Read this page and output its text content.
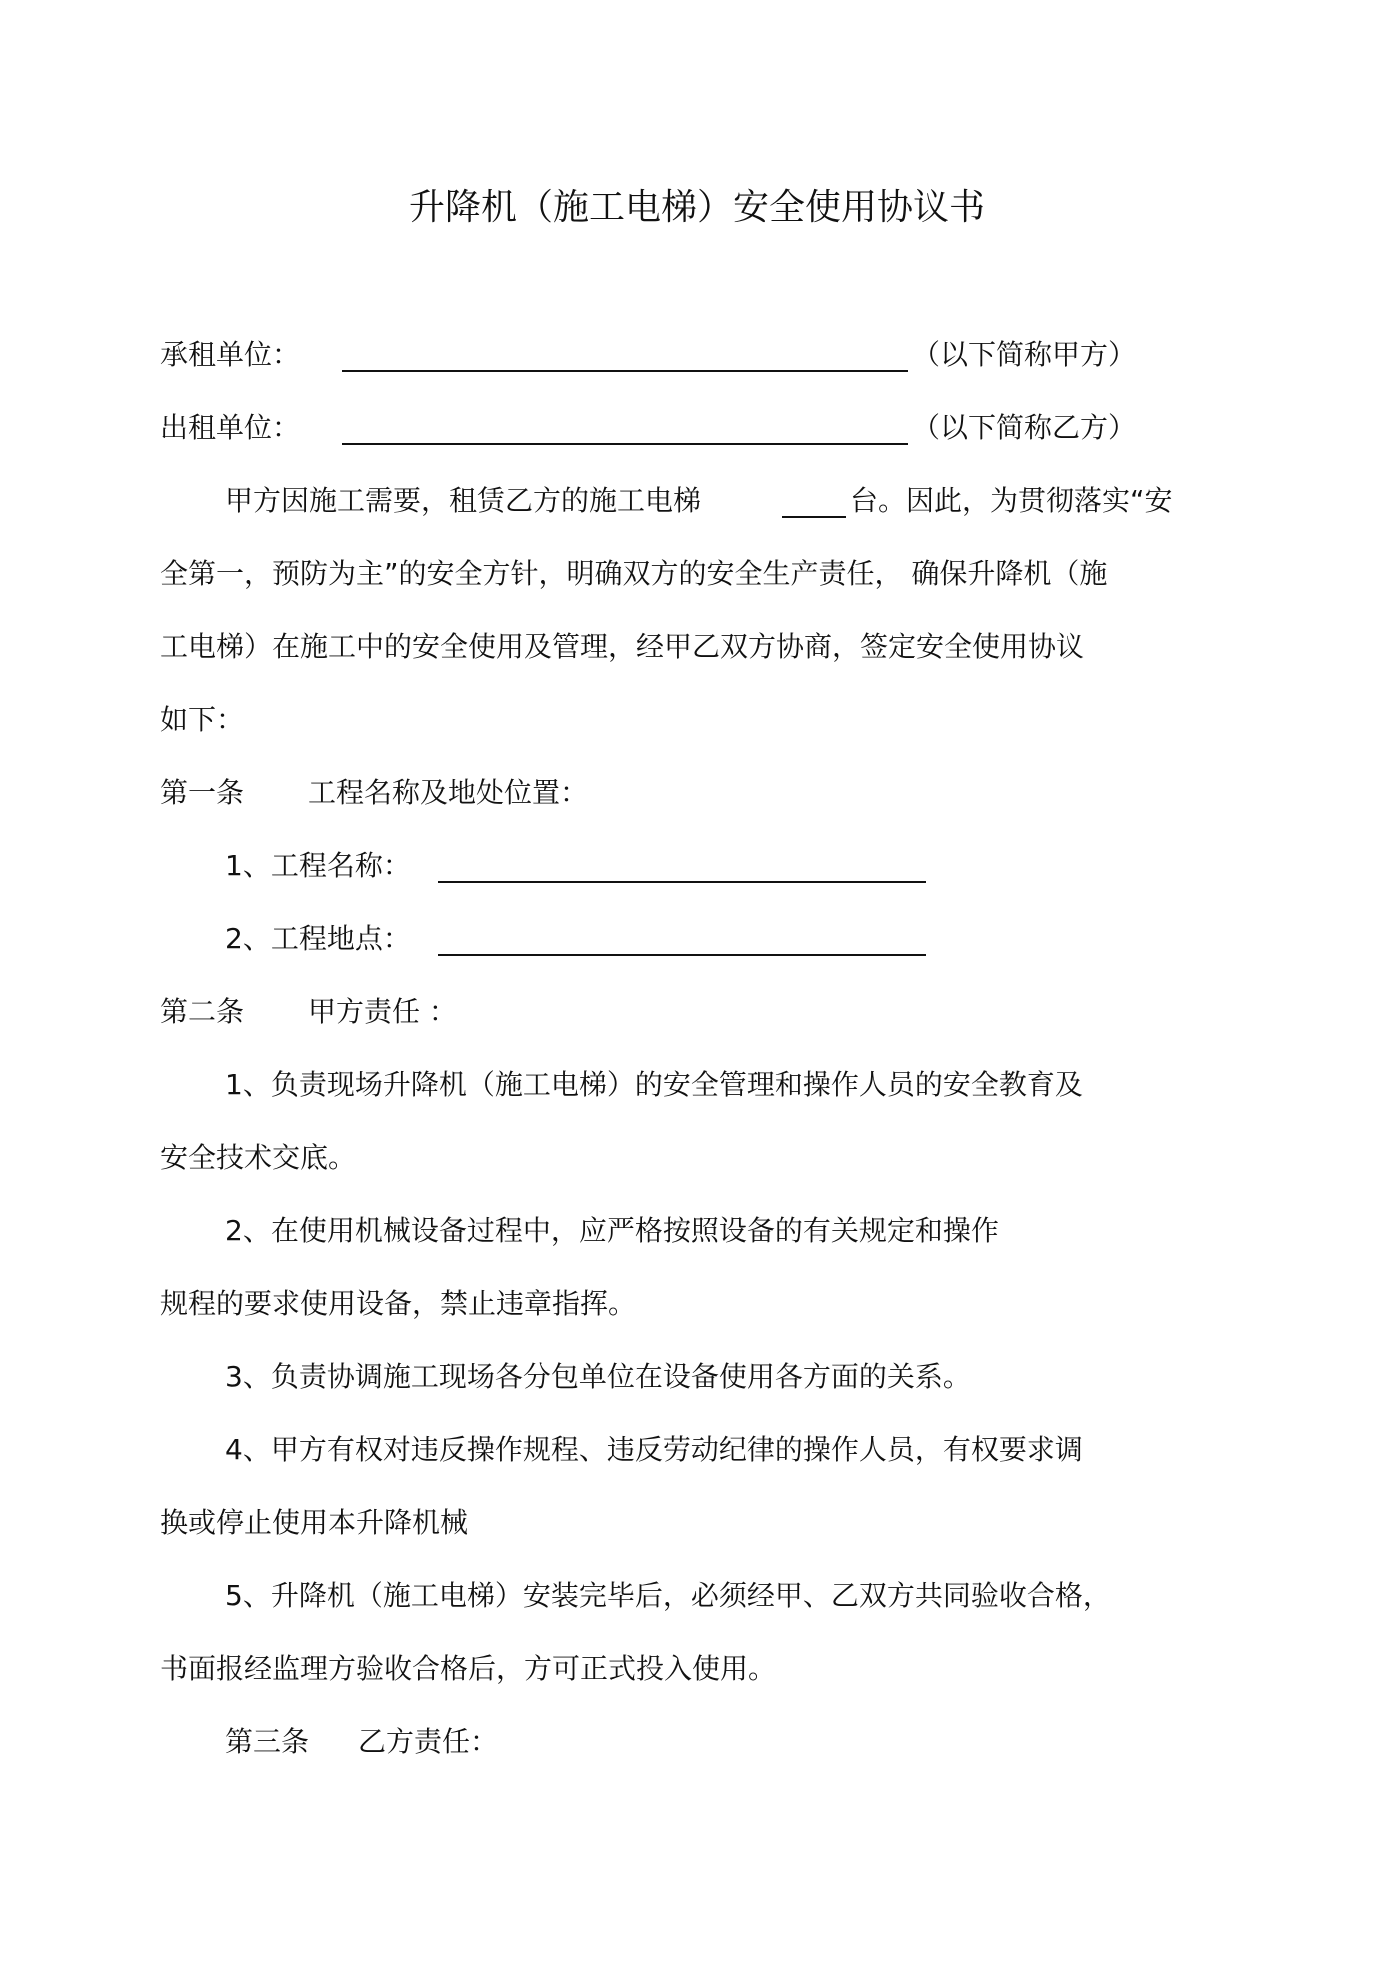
升降机（施工电梯）安全使用协议书
承租单位：	（以下简称甲方）
出租单位：	（以下简称乙方）
甲方因施工需要，租赁乙方的施工电梯	台。因此，为贯彻落实“安
全第一，预防为主”的安全方针，明确双方的安全生产责任， 确保升降机（施
工电梯）在施工中的安全使用及管理，经甲乙双方协商，签定安全使用协议
如下：
第一条 工程名称及地处位置：
1、工程名称：
2、工程地点：
第二条 甲方责任 ：
1、负责现场升降机（施工电梯）的安全管理和操作人员的安全教育及
安全技术交底。
2、在使用机械设备过程中，应严格按照设备的有关规定和操作
规程的要求使用设备，禁止违章指挥。
3、负责协调施工现场各分包单位在设备使用各方面的关系。
4、甲方有权对违反操作规程、违反劳动纪律的操作人员，有权要求调
换或停止使用本升降机械
5、升降机（施工电梯）安装完毕后，必须经甲、乙双方共同验收合格，
书面报经监理方验收合格后，方可正式投入使用。
第三条 乙方责任：
